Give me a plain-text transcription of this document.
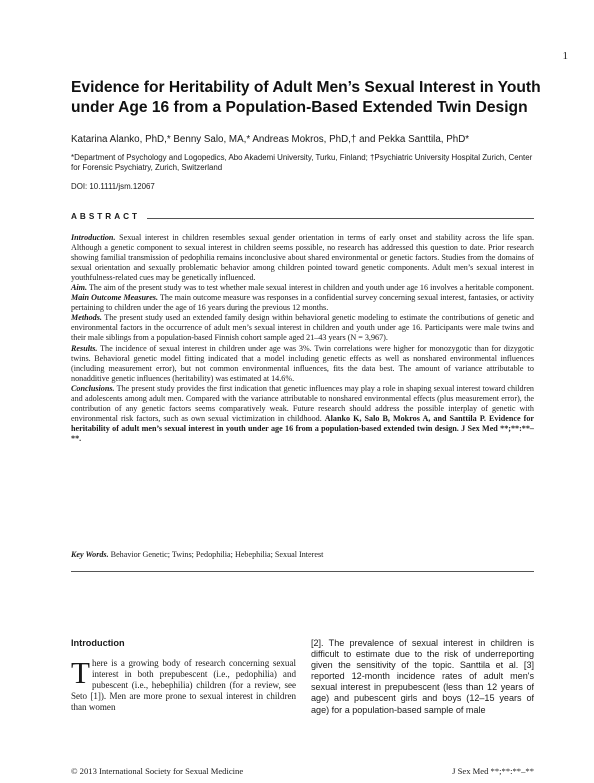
1
Evidence for Heritability of Adult Men’s Sexual Interest in Youth under Age 16 from a Population-Based Extended Twin Design
Katarina Alanko, PhD,* Benny Salo, MA,* Andreas Mokros, PhD,† and Pekka Santtila, PhD*
*Department of Psychology and Logopedics, Abo Akademi University, Turku, Finland; †Psychiatric University Hospital Zurich, Center for Forensic Psychiatry, Zurich, Switzerland
DOI: 10.1111/jsm.12067
ABSTRACT

Introduction. Sexual interest in children resembles sexual gender orientation in terms of early onset and stability across the life span. Although a genetic component to sexual interest in children seems possible, no research has addressed this question to date. Prior research showing familial transmission of pedophilia remains inconclusive about shared environmental or genetic factors. Studies from the domains of sexual orientation and sexually problematic behavior among children pointed toward genetic components. Adult men’s sexual interest in youthfulness-related cues may be genetically influenced.

Aim. The aim of the present study was to test whether male sexual interest in children and youth under age 16 involves a heritable component.

Main Outcome Measures. The main outcome measure was responses in a confidential survey concerning sexual interest, fantasies, or activity pertaining to children under the age of 16 years during the previous 12 months.

Methods. The present study used an extended family design within behavioral genetic modeling to estimate the contributions of genetic and environmental factors in the occurrence of adult men’s sexual interest in children and youth under age 16. Participants were male twins and their male siblings from a population-based Finnish cohort sample aged 21–43 years (N = 3,967).

Results. The incidence of sexual interest in children under age was 3%. Twin correlations were higher for monozygotic than for dizygotic twins. Behavioral genetic model fitting indicated that a model including genetic effects as well as nonshared environmental influences (including measurement error), but not common environmental influences, fits the data best. The amount of variance attributable to nonadditive genetic influences (heritability) was estimated at 14.6%.

Conclusions. The present study provides the first indication that genetic influences may play a role in shaping sexual interest toward children and adolescents among adult men. Compared with the variance attributable to nonshared environmental effects (plus measurement error), the contribution of any genetic factors seems comparatively weak. Future research should address the possible interplay of genetic with environmental risk factors, such as own sexual victimization in childhood. Alanko K, Salo B, Mokros A, and Santtila P. Evidence for heritability of adult men’s sexual interest in youth under age 16 from a population-based extended twin design. J Sex Med **;**:**–**.

Key Words. Behavior Genetic; Twins; Pedophilia; Hebephilia; Sexual Interest
Introduction

There is a growing body of research concerning sexual interest in both prepubescent (i.e., pedophilia) and pubescent (i.e., hebephilia) children (for a review, see Seto [1]). Men are more prone to sexual interest in children than women

[2]. The prevalence of sexual interest in children is difficult to estimate due to the risk of underreporting given the sensitivity of the topic. Santtila et al. [3] reported 12-month incidence rates of adult men's sexual interest in prepubescent (less than 12 years of age) and pubescent girls and boys (12–15 years of age) for a population-based sample of male

© 2013 International Society for Sexual Medicine	J Sex Med **;**:**–**
